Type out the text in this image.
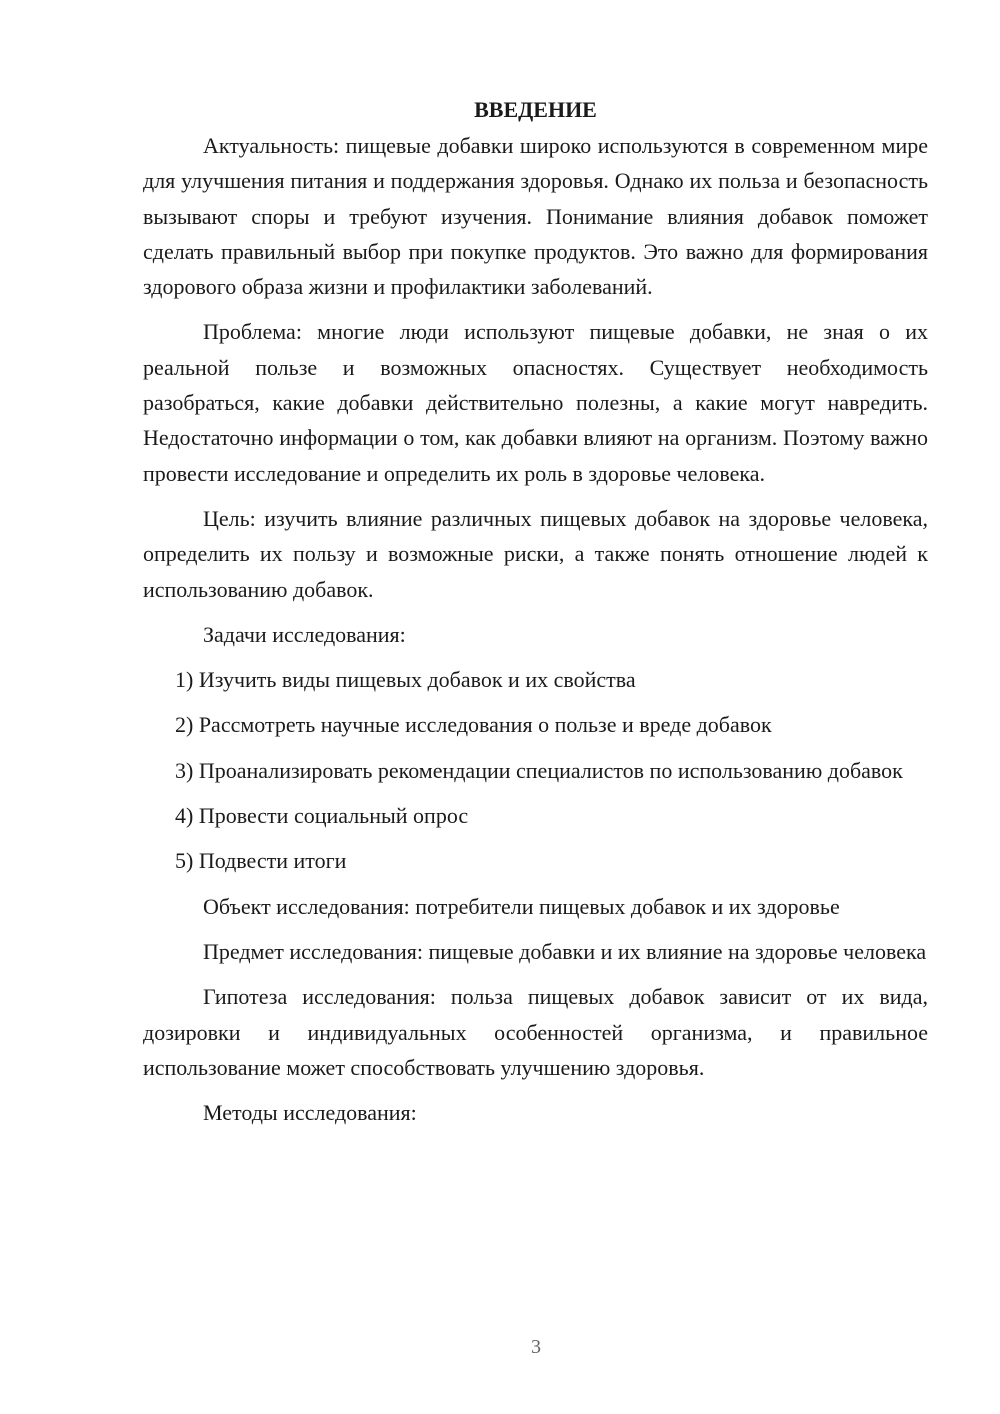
ВВЕДЕНИЕ

Актуальность: пищевые добавки широко используются в современном мире для улучшения питания и поддержания здоровья. Однако их польза и безопасность вызывают споры и требуют изучения. Понимание влияния добавок поможет сделать правильный выбор при покупке продуктов. Это важно для формирования здорового образа жизни и профилактики заболеваний.

Проблема: многие люди используют пищевые добавки, не зная о их реальной пользе и возможных опасностях. Существует необходимость разобраться, какие добавки действительно полезны, а какие могут навредить. Недостаточно информации о том, как добавки влияют на организм. Поэтому важно провести исследование и определить их роль в здоровье человека.

Цель: изучить влияние различных пищевых добавок на здоровье человека, определить их пользу и возможные риски, а также понять отношение людей к использованию добавок.

Задачи исследования:

1) Изучить виды пищевых добавок и их свойства

2) Рассмотреть научные исследования о пользе и вреде добавок

3) Проанализировать рекомендации специалистов по использованию добавок

4) Провести социальный опрос

5) Подвести итоги

Объект исследования: потребители пищевых добавок и их здоровье

Предмет исследования: пищевые добавки и их влияние на здоровье человека

Гипотеза исследования: польза пищевых добавок зависит от их вида, дозировки и индивидуальных особенностей организма, и правильное использование может способствовать улучшению здоровья.

Методы исследования:

3
